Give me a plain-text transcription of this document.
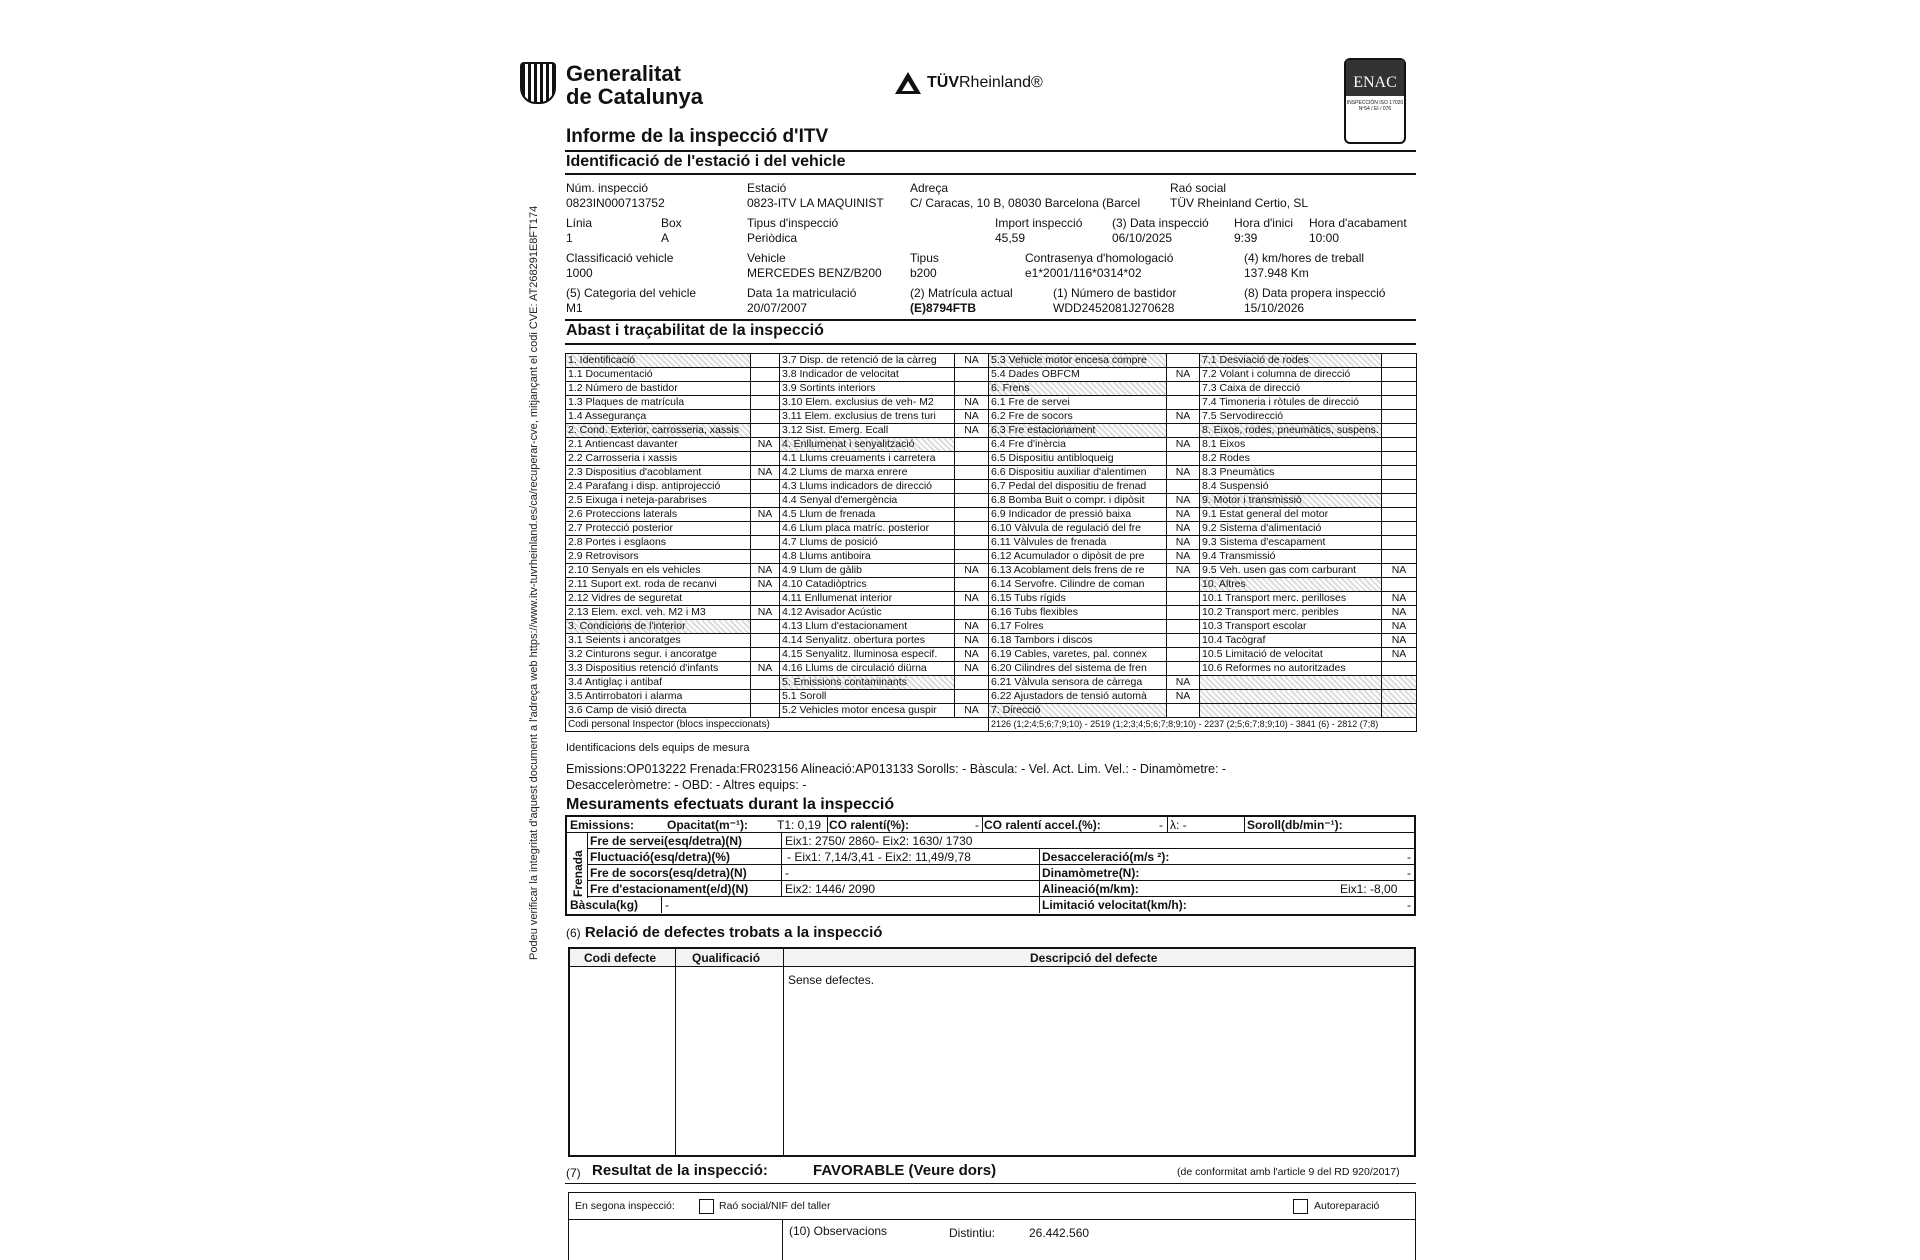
Podeu verificar la integritat d'aquest document a l'adreça web https://www.itv-tuvrheinland.es/ca/recuperar-cve, mitjançant el codi CVE: AT268291E8FT174
Generalitat
de Catalunya
TÜVRheinland®	ENAC
INSPECCIÓN ISO 17020 Nº54 / EI / 076
Informe de la inspecció d'ITV
Identificació de l'estació i del vehicle
Núm. inspecció
0823IN000713752
Estació
0823-ITV LA MAQUINIST
Adreça
C/ Caracas, 10 B, 08030 Barcelona (Barcel
Raó social
TÜV Rheinland Certio, SL
Línia
1
Box
A
Tipus d'inspecció
Periòdica
Import inspecció
45,59
(3) Data inspecció
06/10/2025
Hora d'inici
9:39
Hora d'acabament
10:00
Classificació vehicle
1000
Vehicle
MERCEDES BENZ/B200
Tipus
b200
Contrasenya d'homologació
e1*2001/116*0314*02
(4) km/hores de treball
137.948 Km
(5) Categoria del vehicle
M1
Data 1a matriculació
20/07/2007
(2) Matrícula actual
(E)8794FTB
(1) Número de bastidor
WDD2452081J270628
(8) Data propera inspecció
15/10/2026
Abast i traçabilitat de la inspecció
1. Identificació		3.7 Disp. de retenció de la càrreg	NA	5.3 Vehicle motor encesa compre		7.1 Desviació de rodes	
1.1 Documentació		3.8 Indicador de velocitat		5.4 Dades OBFCM	NA	7.2 Volant i columna de direcció	
1.2 Número de bastidor		3.9 Sortints interiors		6. Frens		7.3 Caixa de direcció	
1.3 Plaques de matrícula		3.10 Elem. exclusius de veh- M2	NA	6.1 Fre de servei		7.4 Timoneria i ròtules de direcció	
1.4 Assegurança		3.11 Elem. exclusius de trens turi	NA	6.2 Fre de socors	NA	7.5 Servodirecció	
2. Cond. Exterior, carrosseria, xassis		3.12 Sist. Emerg. Ecall	NA	6.3 Fre estacionament		8. Eixos, rodes, pneumàtics, suspens.	
2.1 Antiencast davanter	NA	4. Enllumenat i senyalització		6.4 Fre d'inèrcia	NA	8.1 Eixos	
2.2 Carrosseria i xassis		4.1 Llums creuaments i carretera		6.5 Dispositiu antibloqueig		8.2 Rodes	
2.3 Dispositius d'acoblament	NA	4.2 Llums de marxa enrere		6.6 Dispositiu auxiliar d'alentimen	NA	8.3 Pneumàtics	
2.4 Parafang i disp. antiprojecció		4.3 Llums indicadors de direcció		6.7 Pedal del dispositiu de frenad		8.4 Suspensió	
2.5 Eixuga i neteja-parabrises		4.4 Senyal d'emergència		6.8 Bomba Buit o compr. i dipòsit	NA	9. Motor i transmissió	
2.6 Proteccions laterals	NA	4.5 Llum de frenada		6.9 Indicador de pressió baixa	NA	9.1 Estat general del motor	
2.7 Protecció posterior		4.6 Llum placa matríc. posterior		6.10 Vàlvula de regulació del fre	NA	9.2 Sistema d'alimentació	
2.8 Portes i esglaons		4.7 Llums de posició		6.11 Vàlvules de frenada	NA	9.3 Sistema d'escapament	
2.9 Retrovisors		4.8 Llums antiboira		6.12 Acumulador o dipòsit de pre	NA	9.4 Transmissió	
2.10 Senyals en els vehicles	NA	4.9 Llum de gàlib	NA	6.13 Acoblament dels frens de re	NA	9.5 Veh. usen gas com carburant	NA
2.11 Suport ext. roda de recanvi	NA	4.10 Catadiòptrics		6.14 Servofre. Cilindre de coman		10. Altres	
2.12 Vidres de seguretat		4.11 Enllumenat interior	NA	6.15 Tubs rígids		10.1 Transport merc. perilloses	NA
2.13 Elem. excl. veh. M2 i M3	NA	4.12 Avisador Acústic		6.16 Tubs flexibles		10.2 Transport merc. peribles	NA
3. Condicions de l'interior		4.13 Llum d'estacionament	NA	6.17 Folres		10.3 Transport escolar	NA
3.1 Seients i ancoratges		4.14 Senyalitz. obertura portes	NA	6.18 Tambors i discos		10.4 Tacògraf	NA
3.2 Cinturons segur. i ancoratge		4.15 Senyalitz. lluminosa especif.	NA	6.19 Cables, varetes, pal. connex		10.5 Limitació de velocitat	NA
3.3 Dispositius retenció d'infants	NA	4.16 Llums de circulació diürna	NA	6.20 Cilindres del sistema de fren		10.6 Reformes no autoritzades	
3.4 Antiglaç i antibaf		5. Emissions contaminants		6.21 Vàlvula sensora de càrrega	NA		
3.5 Antirrobatori i alarma		5.1 Soroll		6.22 Ajustadors de tensió automà	NA		
3.6 Camp de visió directa		5.2 Vehicles motor encesa guspir	NA	7. Direcció			
Codi personal Inspector (blocs inspeccionats)				2126 (1;2;4;5;6;7;9;10) - 2519 (1;2;3;4;5;6;7;8;9;10) - 2237 (2;5;6;7;8;9;10) - 3841 (6) - 2812 (7;8)			
Identificacions dels equips de mesura
Emissions:OP013222 Frenada:FR023156 Alineació:AP013133 Sorolls: - Bàscula: - Vel. Act. Lim. Vel.: - Dinamòmetre: -
Desacceleròmetre: - OBD: - Altres equips: -
Mesuraments efectuats durant la inspecció
Emissions:	Opacitat(m⁻¹): T1: 0,19 CO ralentí(%):	- CO ralentí accel.(%):	- λ: -	Soroll(db/min⁻¹):
Frenada
Fre de servei(esq/detra)(N)	Eix1: 2750/ 2860- Eix2: 1630/ 1730
Fluctuació(esq/detra)(%)	- Eix1: 7,14/3,41 - Eix2: 11,49/9,78	Desacceleració(m/s ²):	-
Fre de socors(esq/detra)(N)	-	Dinamòmetre(N):	-
Fre d'estacionament(e/d)(N)	Eix2: 1446/ 2090	Alineació(m/km):	Eix1: -8,00
Bàscula(kg) -	Limitació velocitat(km/h):	-
(6) Relació de defectes trobats a la inspecció
Codi defecte	Qualificació	Descripció del defecte
Sense defectes.
(7) Resultat de la inspecció:	FAVORABLE (Veure dors)	(de conformitat amb l'article 9 del RD 920/2017)
En segona inspecció:	Raó social/NIF del taller	Autoreparació
(10) Observacions	Distintiu:	26.442.560
